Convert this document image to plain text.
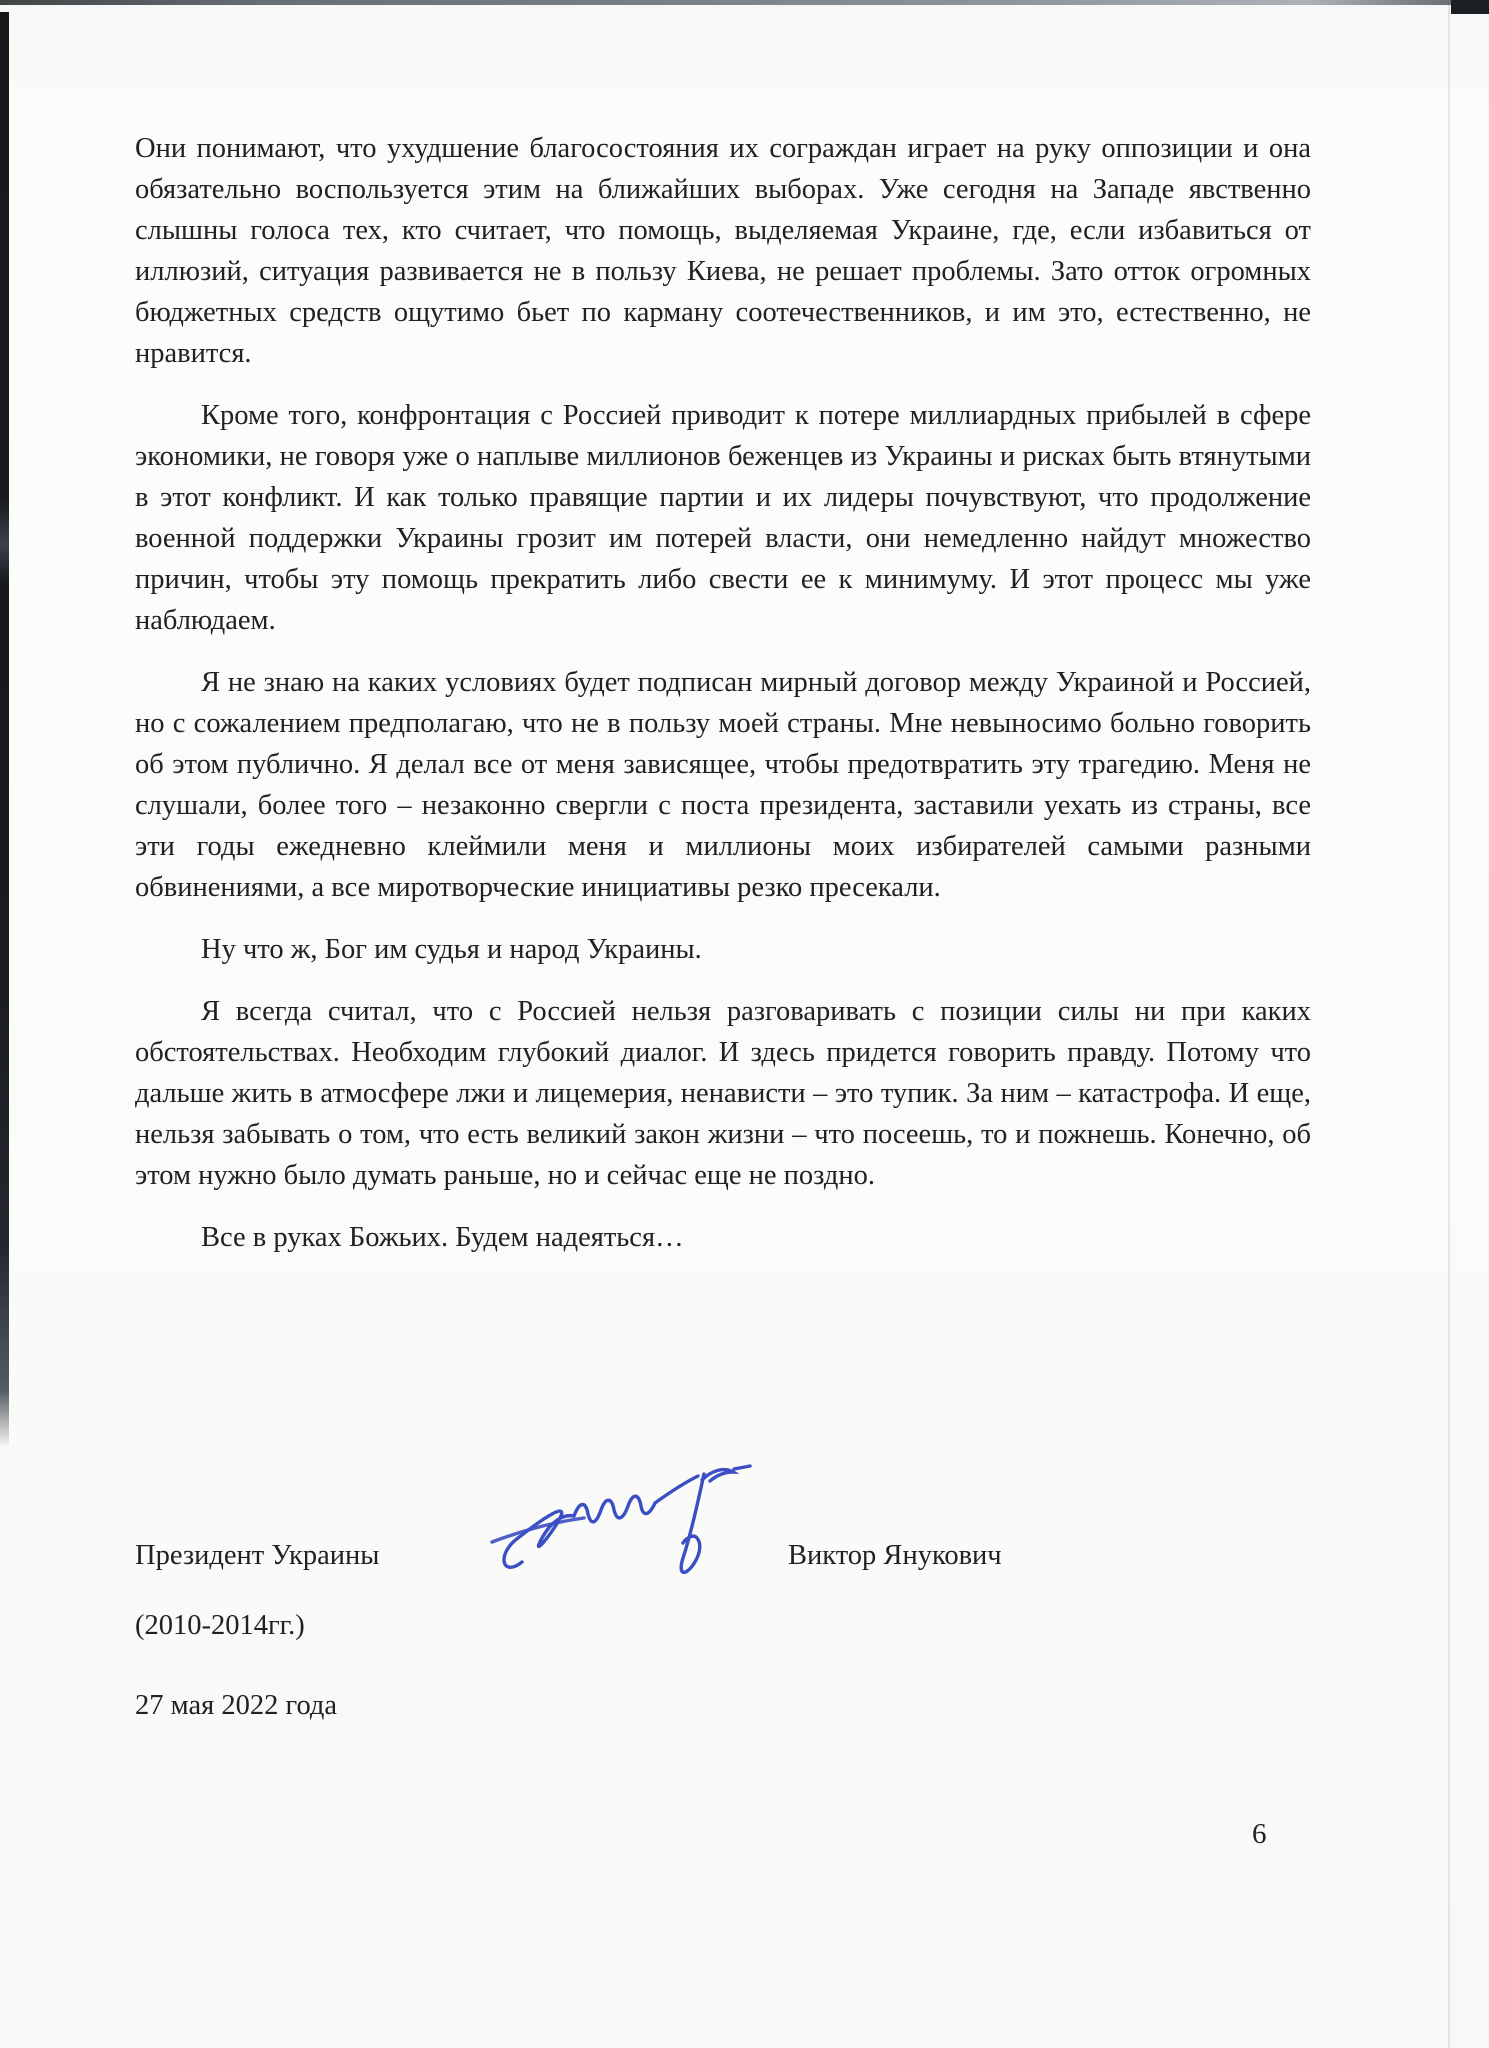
Они понимают, что ухудшение благосостояния их сограждан играет на руку оппозиции и она обязательно воспользуется этим на ближайших выборах. Уже сегодня на Западе явственно слышны голоса тех, кто считает, что помощь, выделяемая Украине, где, если избавиться от иллюзий, ситуация развивается не в пользу Киева, не решает проблемы. Зато отток огромных бюджетных средств ощутимо бьет по карману соотечественников, и им это, естественно, не нравится.

Кроме того, конфронтация с Россией приводит к потере миллиардных прибылей в сфере экономики, не говоря уже о наплыве миллионов беженцев из Украины и рисках быть втянутыми в этот конфликт. И как только правящие партии и их лидеры почувствуют, что продолжение военной поддержки Украины грозит им потерей власти, они немедленно найдут множество причин, чтобы эту помощь прекратить либо свести ее к минимуму. И этот процесс мы уже наблюдаем.

Я не знаю на каких условиях будет подписан мирный договор между Украиной и Россией, но с сожалением предполагаю, что не в пользу моей страны. Мне невыносимо больно говорить об этом публично. Я делал все от меня зависящее, чтобы предотвратить эту трагедию. Меня не слушали, более того – незаконно свергли с поста президента, заставили уехать из страны, все эти годы ежедневно клеймили меня и миллионы моих избирателей самыми разными обвинениями, а все миротворческие инициативы резко пресекали.

Ну что ж, Бог им судья и народ Украины.

Я всегда считал, что с Россией нельзя разговаривать с позиции силы ни при каких обстоятельствах. Необходим глубокий диалог. И здесь придется говорить правду. Потому что дальше жить в атмосфере лжи и лицемерия, ненависти – это тупик. За ним – катастрофа. И еще, нельзя забывать о том, что есть великий закон жизни – что посеешь, то и пожнешь. Конечно, об этом нужно было думать раньше, но и сейчас еще не поздно.

Все в руках Божьих. Будем надеяться…

Президент Украины
(2010-2014гг.)
Виктор Янукович
27 мая 2022 года
6
